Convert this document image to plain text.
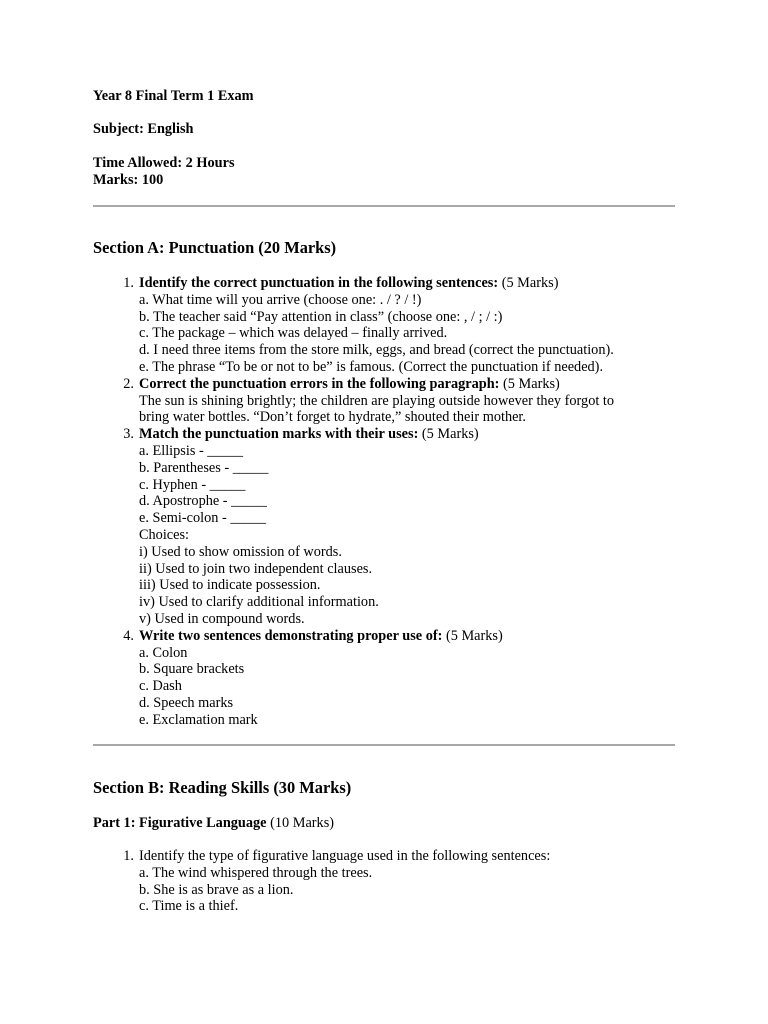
Year 8 Final Term 1 Exam
Subject: English
Time Allowed: 2 Hours
Marks: 100
Section A: Punctuation (20 Marks)
1. Identify the correct punctuation in the following sentences: (5 Marks)
a. What time will you arrive (choose one: . / ? / !)
b. The teacher said “Pay attention in class” (choose one: , / ; / :)
c. The package – which was delayed – finally arrived.
d. I need three items from the store milk, eggs, and bread (correct the punctuation).
e. The phrase “To be or not to be” is famous. (Correct the punctuation if needed).
2. Correct the punctuation errors in the following paragraph: (5 Marks)
The sun is shining brightly; the children are playing outside however they forgot to
bring water bottles. “Don’t forget to hydrate,” shouted their mother.
3. Match the punctuation marks with their uses: (5 Marks)
a. Ellipsis - _____
b. Parentheses - _____
c. Hyphen - _____
d. Apostrophe - _____
e. Semi-colon - _____
Choices:
i) Used to show omission of words.
ii) Used to join two independent clauses.
iii) Used to indicate possession.
iv) Used to clarify additional information.
v) Used in compound words.
4. Write two sentences demonstrating proper use of: (5 Marks)
a. Colon
b. Square brackets
c. Dash
d. Speech marks
e. Exclamation mark
Section B: Reading Skills (30 Marks)
Part 1: Figurative Language (10 Marks)
1. Identify the type of figurative language used in the following sentences:
a. The wind whispered through the trees.
b. She is as brave as a lion.
c. Time is a thief.
